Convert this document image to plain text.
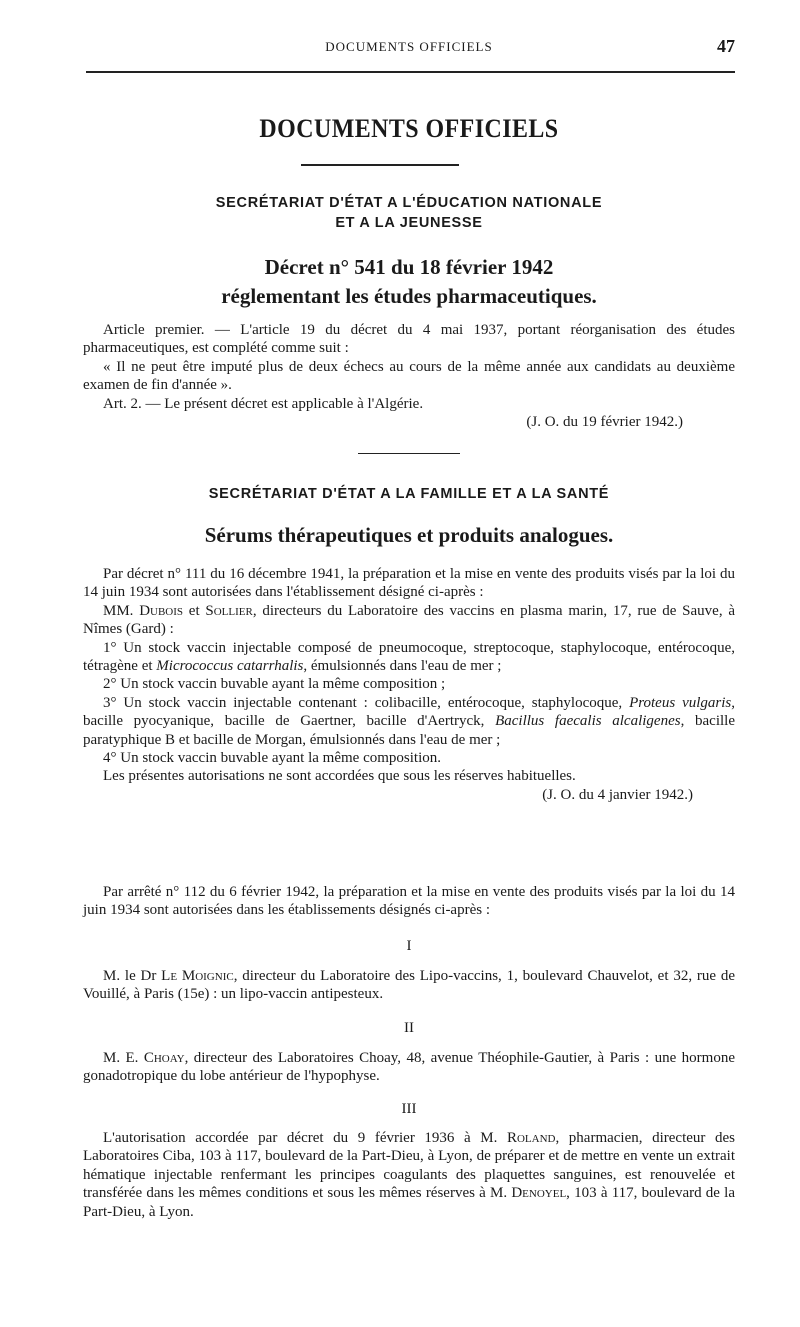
DOCUMENTS OFFICIELS	47
DOCUMENTS OFFICIELS
SECRÉTARIAT D'ÉTAT A L'ÉDUCATION NATIONALE
ET A LA JEUNESSE
Décret n° 541 du 18 février 1942
réglementant les études pharmaceutiques.

Article premier. — L'article 19 du décret du 4 mai 1937, portant réorganisation des études pharmaceutiques, est complété comme suit :

« Il ne peut être imputé plus de deux échecs au cours de la même année aux candidats au deuxième examen de fin d'année ».

Art. 2. — Le présent décret est applicable à l'Algérie.

(J. O. du 19 février 1942.)

SECRÉTARIAT D'ÉTAT A LA FAMILLE ET A LA SANTÉ
Sérums thérapeutiques et produits analogues.

Par décret n° 111 du 16 décembre 1941, la préparation et la mise en vente des produits visés par la loi du 14 juin 1934 sont autorisées dans l'établissement désigné ci-après :

MM. Dubois et Sollier, directeurs du Laboratoire des vaccins en plasma marin, 17, rue de Sauve, à Nîmes (Gard) :

1° Un stock vaccin injectable composé de pneumocoque, streptocoque, staphylocoque, entérocoque, tétragène et Micrococcus catarrhalis, émulsionnés dans l'eau de mer ;

2° Un stock vaccin buvable ayant la même composition ;

3° Un stock vaccin injectable contenant : colibacille, entérocoque, staphylocoque, Proteus vulgaris, bacille pyocyanique, bacille de Gaertner, bacille d'Aertryck, Bacillus faecalis alcaligenes, bacille paratyphique B et bacille de Morgan, émulsionnés dans l'eau de mer ;

4° Un stock vaccin buvable ayant la même composition.

Les présentes autorisations ne sont accordées que sous les réserves habituelles.

(J. O. du 4 janvier 1942.)

Par arrêté n° 112 du 6 février 1942, la préparation et la mise en vente des produits visés par la loi du 14 juin 1934 sont autorisées dans les établissements désignés ci-après :

I

M. le Dr Le Moignic, directeur du Laboratoire des Lipo-vaccins, 1, boulevard Chauvelot, et 32, rue de Vouillé, à Paris (15e) : un lipo-vaccin antipesteux.

II

M. E. Choay, directeur des Laboratoires Choay, 48, avenue Théophile-Gautier, à Paris : une hormone gonadotropique du lobe antérieur de l'hypophyse.

III

L'autorisation accordée par décret du 9 février 1936 à M. Roland, pharmacien, directeur des Laboratoires Ciba, 103 à 117, boulevard de la Part-Dieu, à Lyon, de préparer et de mettre en vente un extrait hématique injectable renfermant les principes coagulants des plaquettes sanguines, est renouvelée et transférée dans les mêmes conditions et sous les mêmes réserves à M. Denoyel, 103 à 117, boulevard de la Part-Dieu, à Lyon.
